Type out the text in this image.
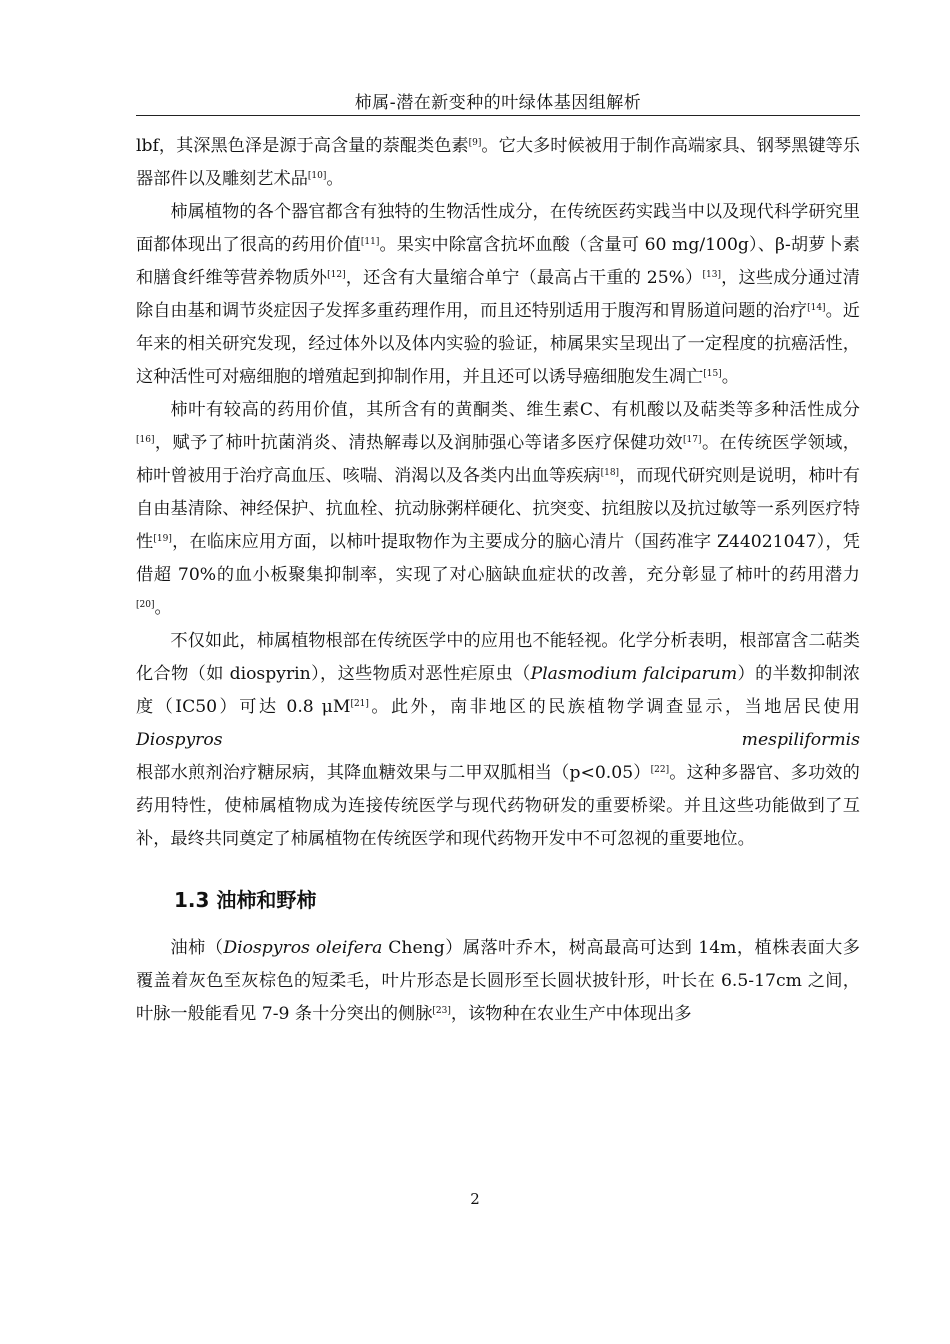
柿属-潜在新变种的叶绿体基因组解析

lbf，其深黑色泽是源于高含量的萘醌类色素[9]。它大多时候被用于制作高端家具、钢琴黑键等乐器部件以及雕刻艺术品[10]。

柿属植物的各个器官都含有独特的生物活性成分，在传统医药实践当中以及现代科学研究里面都体现出了很高的药用价值[11]。果实中除富含抗坏血酸（含量可 60 mg/100g）、β-胡萝卜素和膳食纤维等营养物质外[12]，还含有大量缩合单宁（最高占干重的 25%）[13]，这些成分通过清除自由基和调节炎症因子发挥多重药理作用，而且还特别适用于腹泻和胃肠道问题的治疗[14]。近年来的相关研究发现，经过体外以及体内实验的验证，柿属果实呈现出了一定程度的抗癌活性，这种活性可对癌细胞的增殖起到抑制作用，并且还可以诱导癌细胞发生凋亡[15]。

柿叶有较高的药用价值，其所含有的黄酮类、维生素C、有机酸以及萜类等多种活性成分[16]，赋予了柿叶抗菌消炎、清热解毒以及润肺强心等诸多医疗保健功效[17]。在传统医学领域，柿叶曾被用于治疗高血压、咳喘、消渴以及各类内出血等疾病[18]，而现代研究则是说明，柿叶有自由基清除、神经保护、抗血栓、抗动脉粥样硬化、抗突变、抗组胺以及抗过敏等一系列医疗特性[19]，在临床应用方面，以柿叶提取物作为主要成分的脑心清片（国药准字 Z44021047），凭借超 70%的血小板聚集抑制率，实现了对心脑缺血症状的改善，充分彰显了柿叶的药用潜力[20]。

不仅如此，柿属植物根部在传统医学中的应用也不能轻视。化学分析表明，根部富含二萜类化合物（如 diospyrin），这些物质对恶性疟原虫（Plasmodium falciparum）的半数抑制浓度（IC50）可达 0.8 μM[21]。此外，南非地区的民族植物学调查显示，当地居民使用 Diospyros mespiliformis 根部水煎剂治疗糖尿病，其降血糖效果与二甲双胍相当（p<0.05）[22]。这种多器官、多功效的药用特性，使柿属植物成为连接传统医学与现代药物研发的重要桥梁。并且这些功能做到了互补，最终共同奠定了柿属植物在传统医学和现代药物开发中不可忽视的重要地位。

1.3 油柿和野柿

油柿（Diospyros oleifera Cheng）属落叶乔木，树高最高可达到 14m，植株表面大多覆盖着灰色至灰棕色的短柔毛，叶片形态是长圆形至长圆状披针形，叶长在 6.5-17cm 之间，叶脉一般能看见 7-9 条十分突出的侧脉[23]，该物种在农业生产中体现出多

2
